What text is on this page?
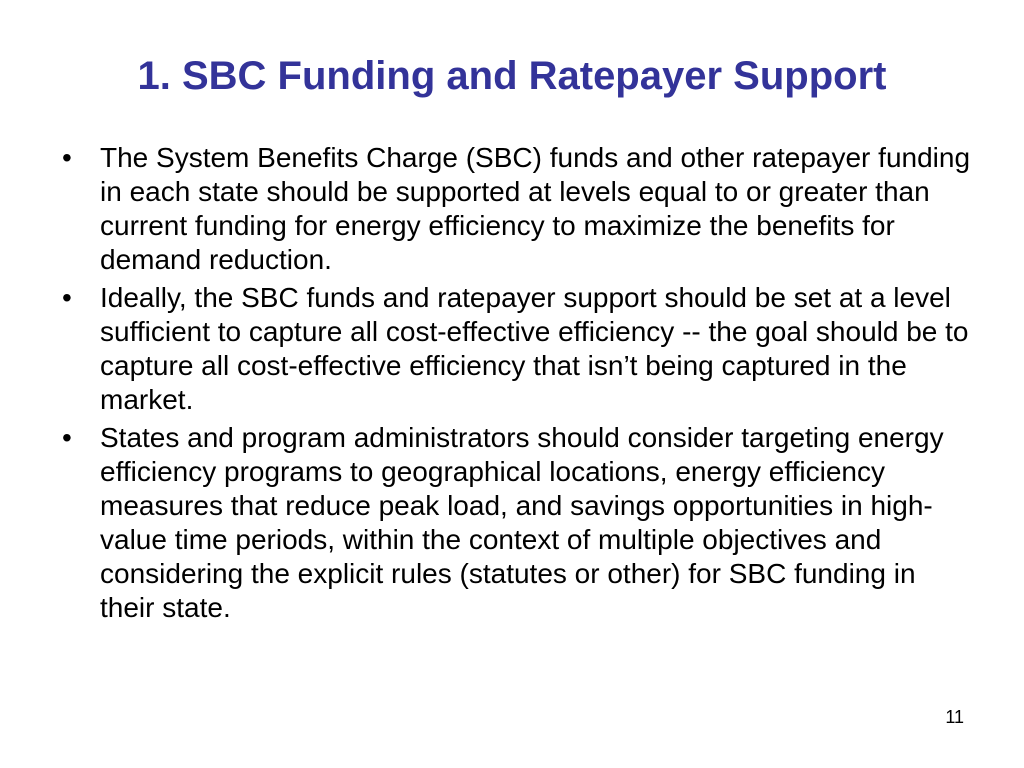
1. SBC Funding and Ratepayer Support
• The System Benefits Charge (SBC) funds and other ratepayer funding in each state should be supported at levels equal to or greater than current funding for energy efficiency to maximize the benefits for demand reduction.
• Ideally, the SBC funds and ratepayer support should be set at a level sufficient to capture all cost-effective efficiency -- the goal should be to capture all cost-effective efficiency that isn’t being captured in the market.
• States and program administrators should consider targeting energy efficiency programs to geographical locations, energy efficiency measures that reduce peak load, and savings opportunities in high-value time periods, within the context of multiple objectives and considering the explicit rules (statutes or other) for SBC funding in their state.
11
